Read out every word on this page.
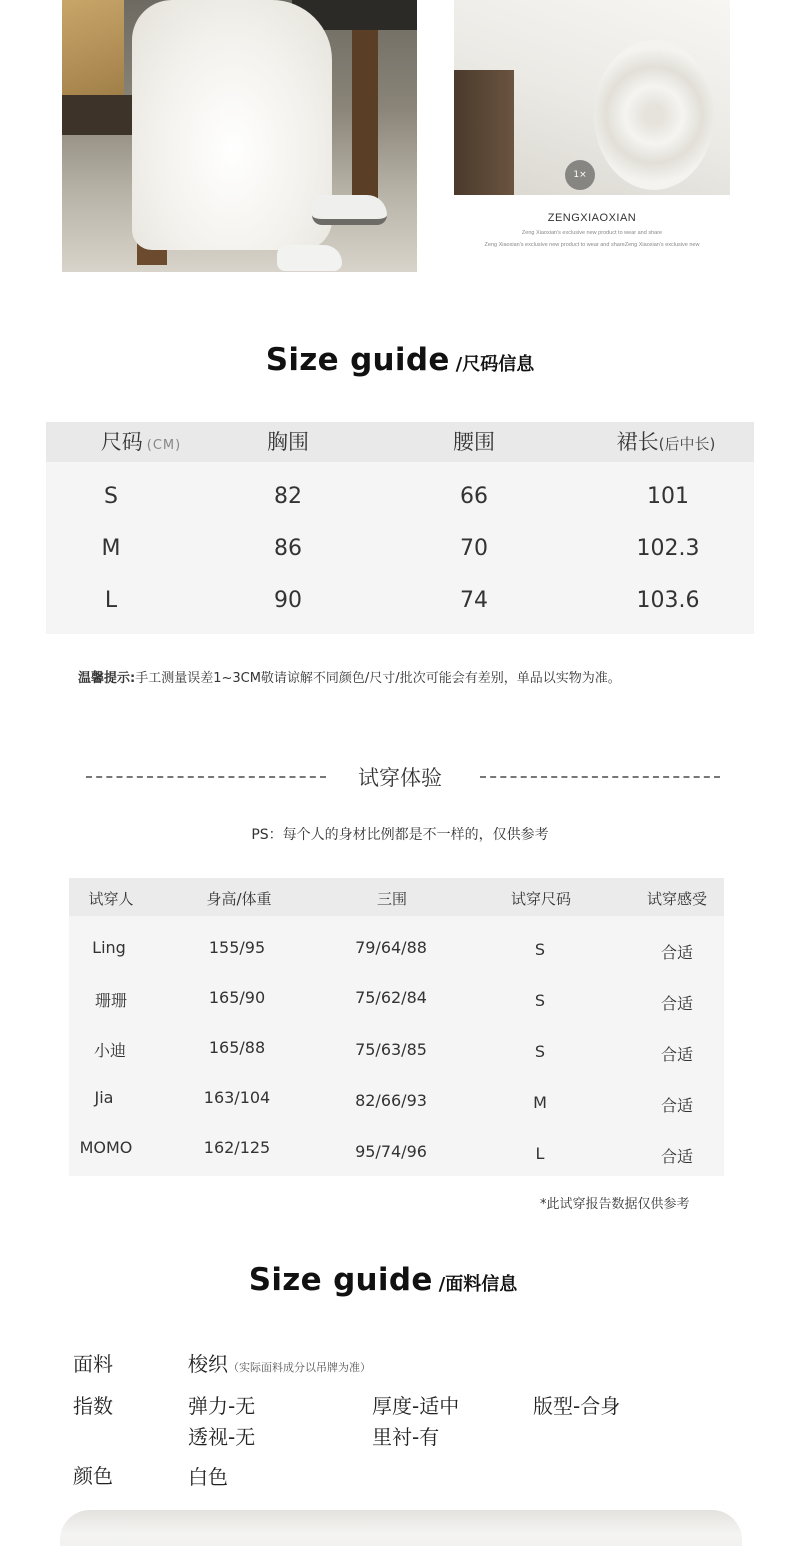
1×
ZENGXIAOXIAN
Zeng Xiaoxian's exclusive new product to wear and share
Zeng Xiaoxian's exclusive new product to wear and shareZeng Xiaoxian's exclusive new
Size guide /尺码信息
尺码 (CM)	胸围	腰围	裙长(后中长)
S	82	66	101
M	86	70	102.3
L	90	74	103.6
温馨提示:手工测量误差1~3CM敬请谅解不同颜色/尺寸/批次可能会有差别，单品以实物为准。
试穿体验
PS：每个人的身材比例都是不一样的，仅供参考
试穿人	身高/体重	三围	试穿尺码	试穿感受
Ling	155/95	79/64/88	S	合适
珊珊	165/90	75/62/84	S	合适
小迪	165/88	75/63/85	S	合适
Jia	163/104	82/66/93	M	合适
MOMO	162/125	95/74/96	L	合适
*此试穿报告数据仅供参考
Size guide /面料信息
面料	梭织（实际面料成分以吊牌为准）
指数	弹力-无	厚度-适中	版型-合身
透视-无	里衬-有
颜色	白色
